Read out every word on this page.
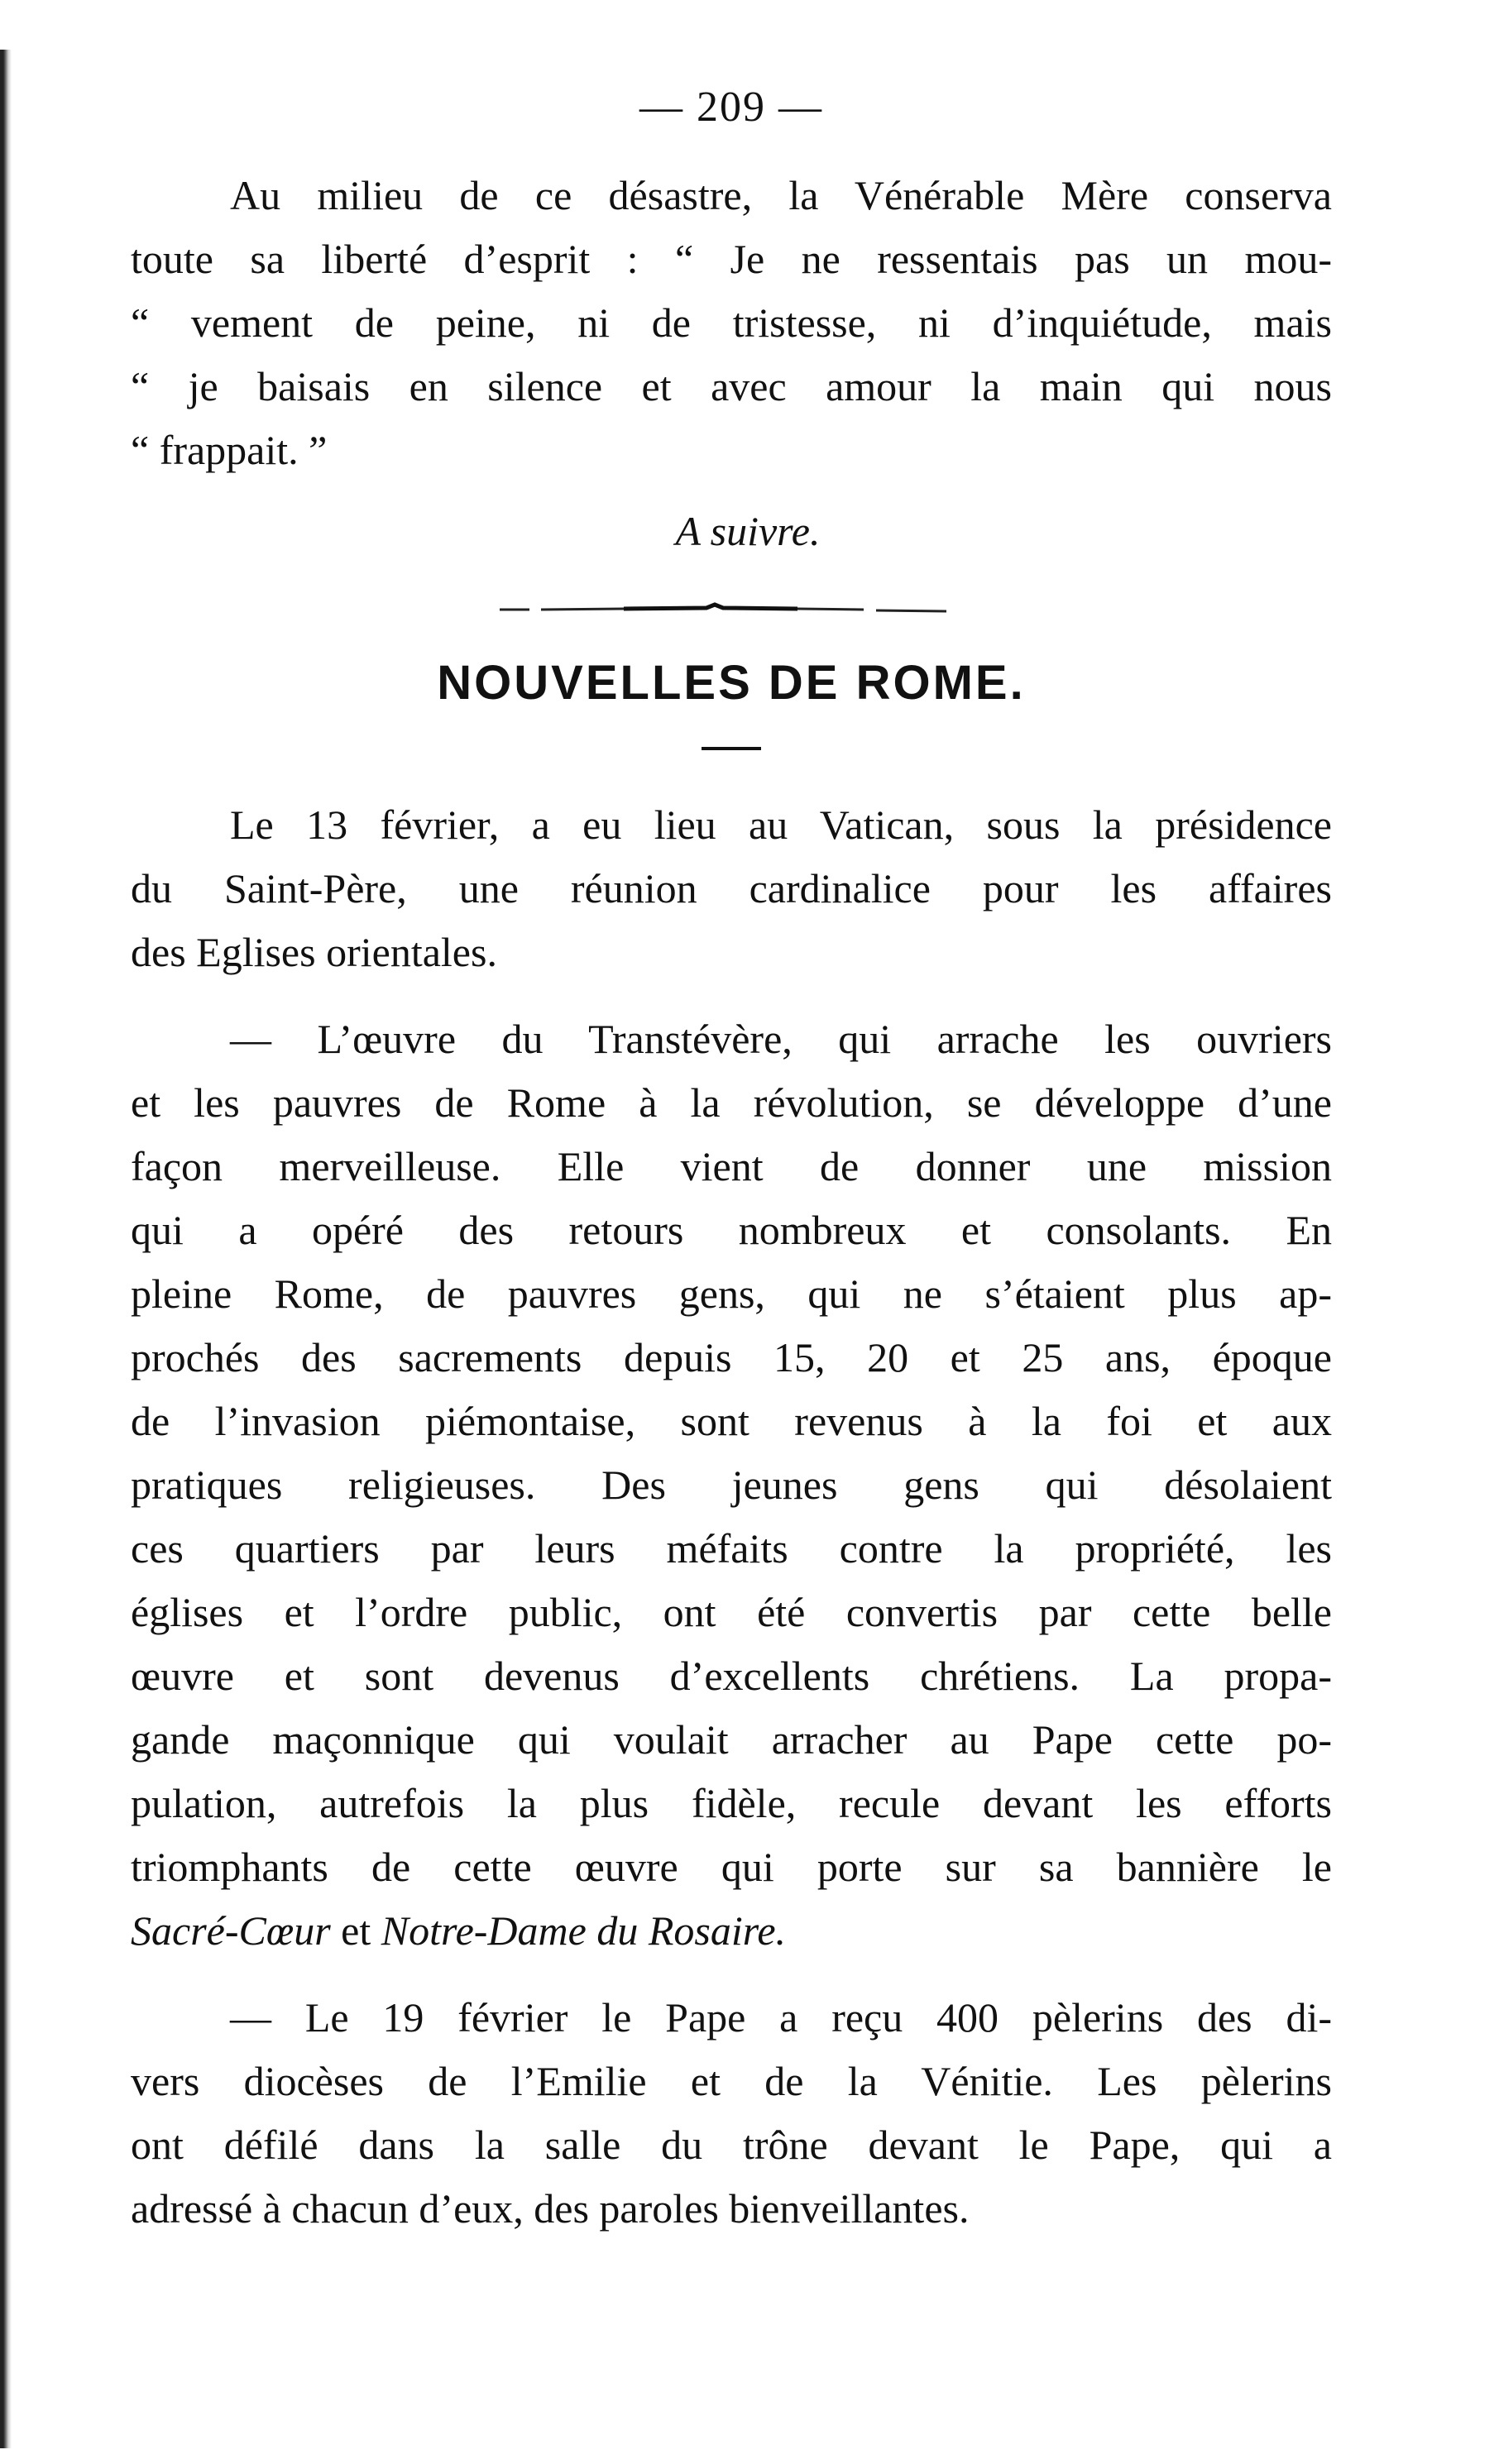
— 209 —

Au milieu de ce désastre, la Vénérable Mère conserva
toute sa liberté d’esprit : “ Je ne ressentais pas un mou-
“ vement de peine, ni de tristesse, ni d’inquiétude, mais
“ je baisais en silence et avec amour la main qui nous
“ frappait. ”

A suivre.
NOUVELLES DE ROME.

Le 13 février, a eu lieu au Vatican, sous la présidence
du Saint-Père, une réunion cardinalice pour les affaires
des Eglises orientales.

— L’œuvre du Transtévère, qui arrache les ouvriers
et les pauvres de Rome à la révolution, se développe d’une
façon merveilleuse. Elle vient de donner une mission
qui a opéré des retours nombreux et consolants. En
pleine Rome, de pauvres gens, qui ne s’étaient plus ap-
prochés des sacrements depuis 15, 20 et 25 ans, époque
de l’invasion piémontaise, sont revenus à la foi et aux
pratiques religieuses. Des jeunes gens qui désolaient
ces quartiers par leurs méfaits contre la propriété, les
églises et l’ordre public, ont été convertis par cette belle
œuvre et sont devenus d’excellents chrétiens. La propa-
gande maçonnique qui voulait arracher au Pape cette po-
pulation, autrefois la plus fidèle, recule devant les efforts
triomphants de cette œuvre qui porte sur sa bannière le
Sacré-Cœur et Notre-Dame du Rosaire.

— Le 19 février le Pape a reçu 400 pèlerins des di-
vers diocèses de l’Emilie et de la Vénitie. Les pèlerins
ont défilé dans la salle du trône devant le Pape, qui a
adressé à chacun d’eux, des paroles bienveillantes.
